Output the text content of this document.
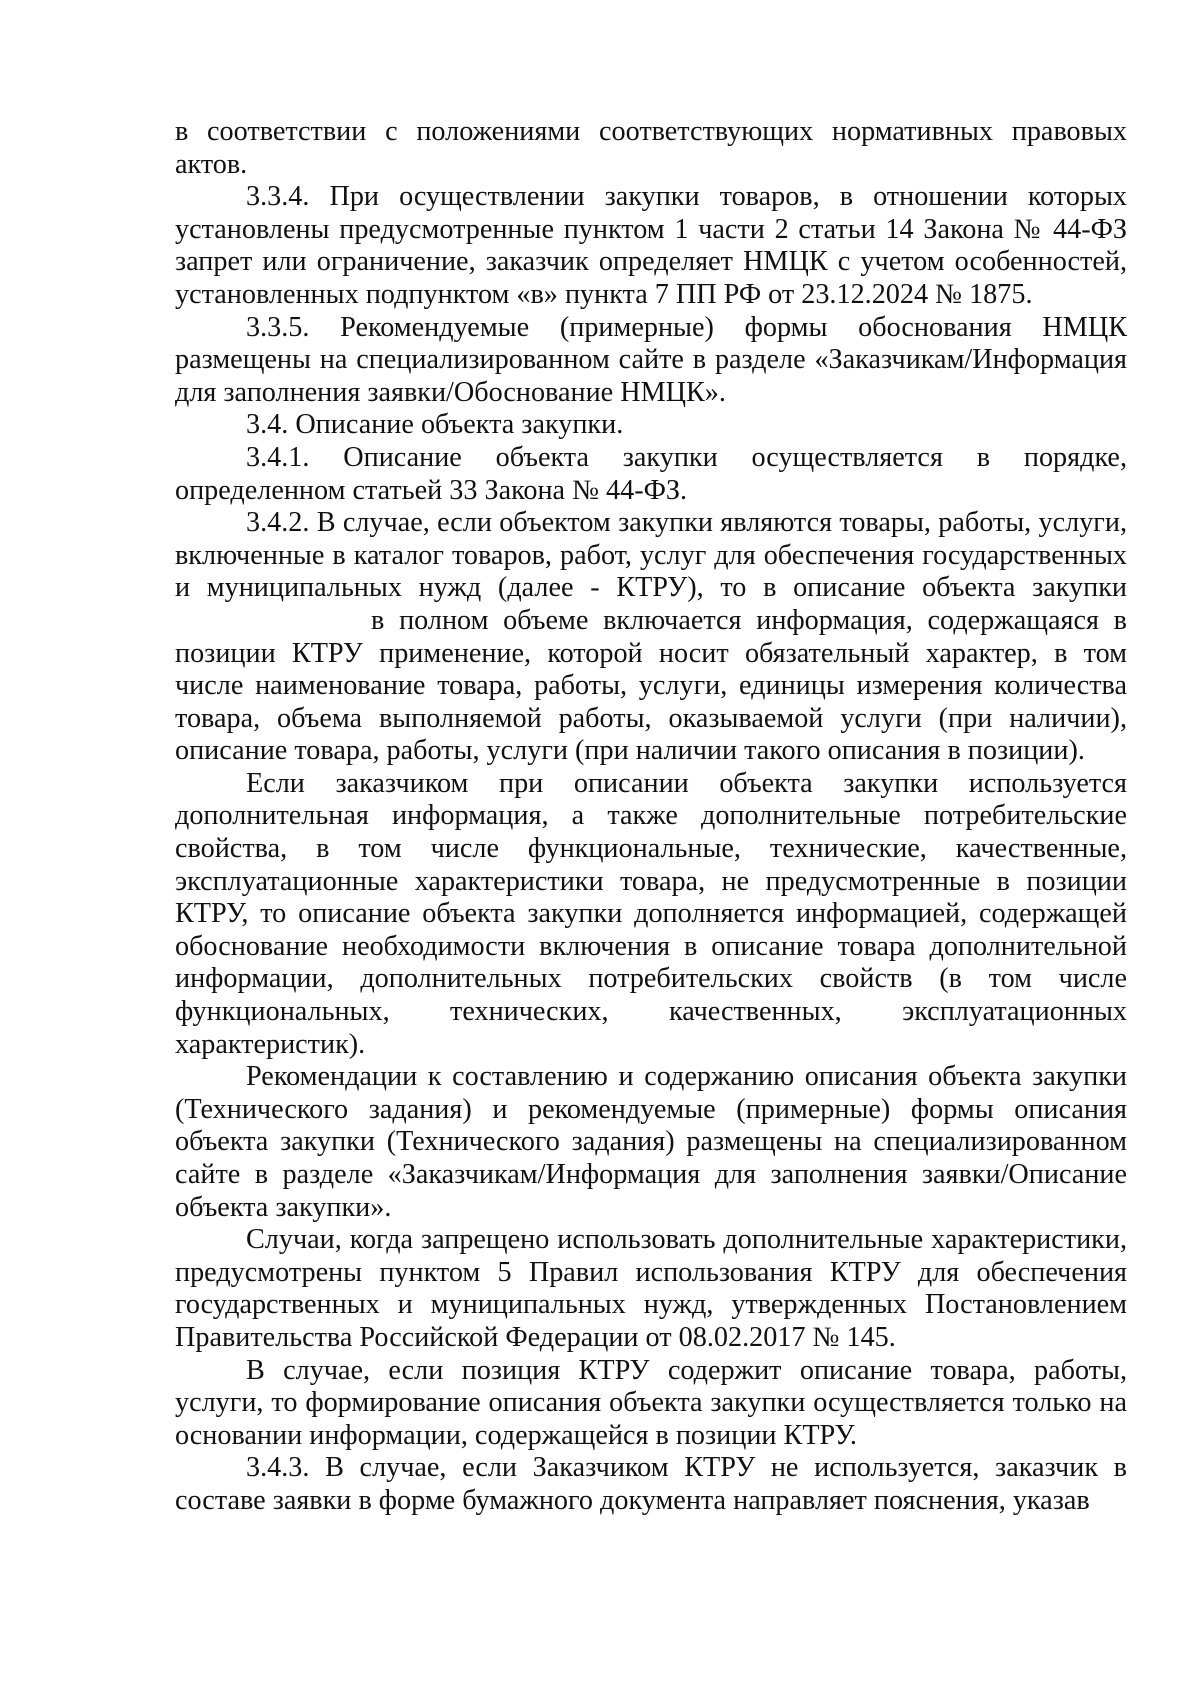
в соответствии с положениями соответствующих нормативных правовых актов.

3.3.4. При осуществлении закупки товаров, в отношении которых установлены предусмотренные пунктом 1 части 2 статьи 14 Закона № 44-ФЗ запрет или ограничение, заказчик определяет НМЦК с учетом особенностей, установленных подпунктом «в» пункта 7 ПП РФ от 23.12.2024 № 1875.

3.3.5. Рекомендуемые (примерные) формы обоснования НМЦК размещены на специализированном сайте в разделе «Заказчикам/Информация для заполнения заявки/Обоснование НМЦК».

3.4. Описание объекта закупки.

3.4.1. Описание объекта закупки осуществляется в порядке, определенном статьей 33 Закона № 44-ФЗ.

3.4.2. В случае, если объектом закупки являются товары, работы, услуги, включенные в каталог товаров, работ, услуг для обеспечения государственных и муниципальных нужд (далее - КТРУ), то в описание объекта закупкив полном объеме включается информация, содержащаяся в позиции КТРУ применение, которой носит обязательный характер, в том числе наименование товара, работы, услуги, единицы измерения количества товара, объема выполняемой работы, оказываемой услуги (при наличии), описание товара, работы, услуги (при наличии такого описания в позиции).

Если заказчиком при описании объекта закупки используется дополнительная информация, а также дополнительные потребительские свойства, в том числе функциональные, технические, качественные, эксплуатационные характеристики товара, не предусмотренные в позиции КТРУ, то описание объекта закупки дополняется информацией, содержащей обоснование необходимости включения в описание товара дополнительной информации, дополнительных потребительских свойств (в том числе функциональных, технических, качественных, эксплуатационных характеристик).

Рекомендации к составлению и содержанию описания объекта закупки (Технического задания) и рекомендуемые (примерные) формы описания объекта закупки (Технического задания) размещены на специализированном сайте в разделе «Заказчикам/Информация для заполнения заявки/Описание объекта закупки».

Случаи, когда запрещено использовать дополнительные характеристики, предусмотрены пунктом 5 Правил использования КТРУ для обеспечения государственных и муниципальных нужд, утвержденных Постановлением Правительства Российской Федерации от 08.02.2017 № 145.

В случае, если позиция КТРУ содержит описание товара, работы, услуги, то формирование описания объекта закупки осуществляется только на основании информации, содержащейся в позиции КТРУ.

3.4.3. В случае, если Заказчиком КТРУ не используется, заказчик в составе заявки в форме бумажного документа направляет пояснения, указав
